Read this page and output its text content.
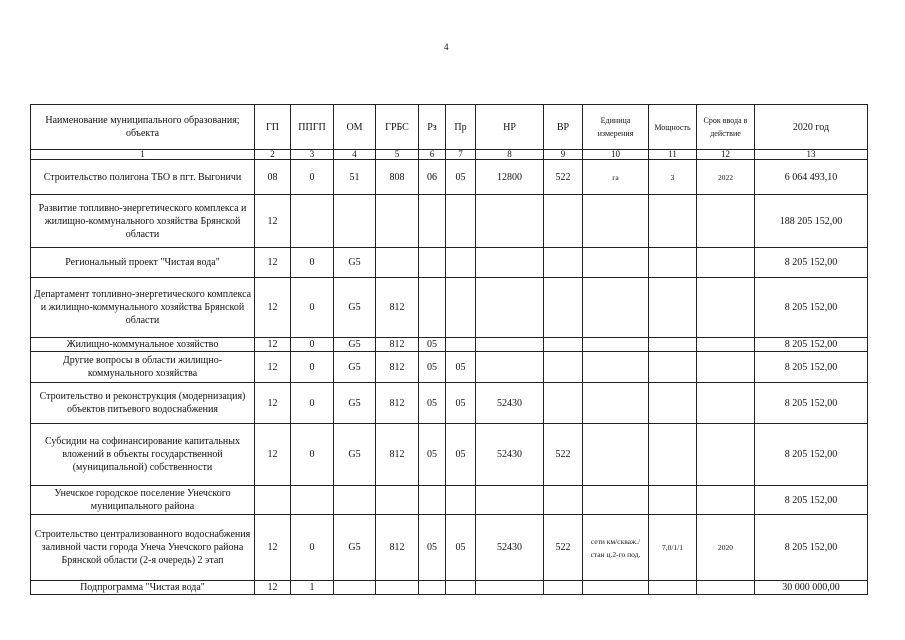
4
Наименование муниципального образования; объекта	ГП	ППГП	ОМ	ГРБС	Рз	Пр	НР	ВР	Единица измерения	Мощность	Срок ввода в действие	2020 год
1	2	3	4	5	6	7	8	9	10	11	12	13
Строительство полигона ТБО в пгт. Выгоничи	08	0	51	808	06	05	12800	522	га	3	2022	6 064 493,10
Развитие топливно-энергетического комплекса и жилищно-коммунального хозяйства Брянской области	12											188 205 152,00
Региональный проект "Чистая вода"	12	0	G5									8 205 152,00
Департамент топливно-энергетического комплекса и жилищно-коммунального хозяйства Брянской области	12	0	G5	812								8 205 152,00
Жилищно-коммунальное хозяйство	12	0	G5	812	05							8 205 152,00
Другие вопросы в области жилищно-коммунального хозяйства	12	0	G5	812	05	05						8 205 152,00
Строительство и реконструкция (модернизация) объектов питьевого водоснабжения	12	0	G5	812	05	05	52430					8 205 152,00
Субсидии на софинансирование капитальных вложений в объекты государственной (муниципальной) собственности	12	0	G5	812	05	05	52430	522				8 205 152,00
Унечское городское поселение Унечского муниципального района												8 205 152,00
Строительство централизованного водоснабжения заливной части города Унеча Унечского района Брянской области (2-я очередь) 2 этап	12	0	G5	812	05	05	52430	522	сети км/скваж./стан ц.2-го под.	7,0/1/1	2020	8 205 152,00
Подпрограмма "Чистая вода"	12	1										30 000 000,00
